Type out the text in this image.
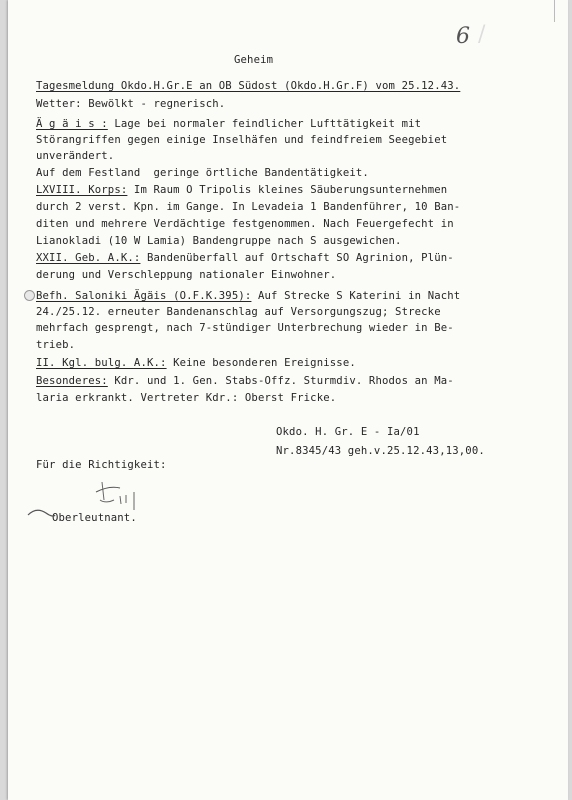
6 /
Geheim
Tagesmeldung Okdo.H.Gr.E an OB Südost (Okdo.H.Gr.F) vom 25.12.43.
Wetter: Bewölkt - regnerisch.
Ä g ä i s : Lage bei normaler feindlicher Lufttätigkeit mit
Störangriffen gegen einige Inselhäfen und feindfreiem Seegebiet
unverändert.
Auf dem Festland  geringe örtliche Bandentätigkeit.
LXVIII. Korps: Im Raum O Tripolis kleines Säuberungsunternehmen
durch 2 verst. Kpn. im Gange. In Levadeia 1 Bandenführer, 10 Ban-
diten und mehrere Verdächtige festgenommen. Nach Feuergefecht in
Lianokladi (10 W Lamia) Bandengruppe nach S ausgewichen.
XXII. Geb. A.K.: Bandenüberfall auf Ortschaft SO Agrinion, Plün-
derung und Verschleppung nationaler Einwohner.
Befh. Saloniki Ägäis (O.F.K.395): Auf Strecke S Katerini in Nacht
24./25.12. erneuter Bandenanschlag auf Versorgungszug; Strecke
mehrfach gesprengt, nach 7-stündiger Unterbrechung wieder in Be-
trieb.
II. Kgl. bulg. A.K.: Keine besonderen Ereignisse.
Besonderes: Kdr. und 1. Gen. Stabs-Offz. Sturmdiv. Rhodos an Ma-
laria erkrankt. Vertreter Kdr.: Oberst Fricke.
Okdo. H. Gr. E - Ia/01
Nr.8345/43 geh.v.25.12.43,13,00.
Für die Richtigkeit:
Oberleutnant.
